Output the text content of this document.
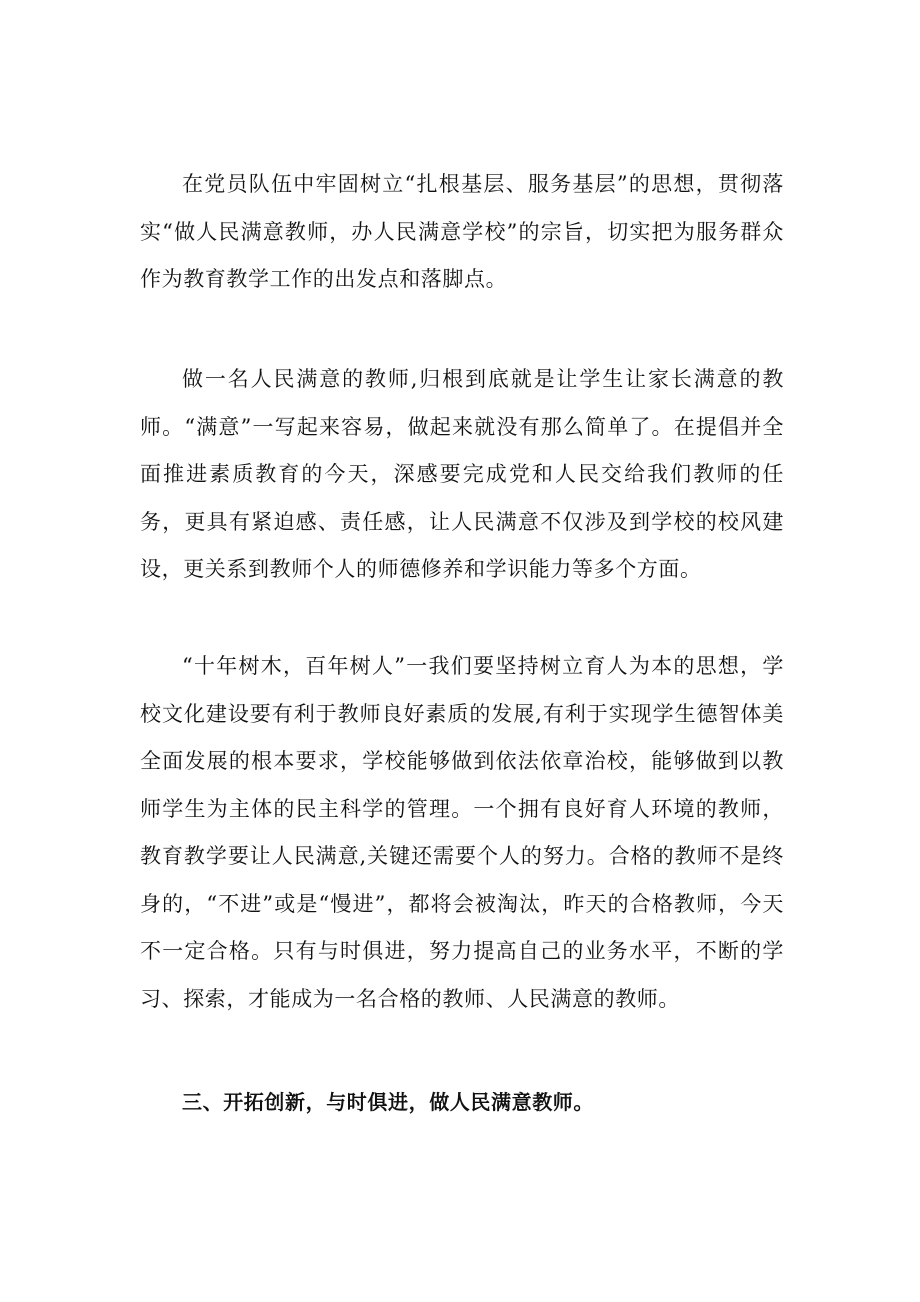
在党员队伍中牢固树立“扎根基层、服务基层”的思想，贯彻落实“做人民满意教师，办人民满意学校”的宗旨，切实把为服务群众作为教育教学工作的出发点和落脚点。

做一名人民满意的教师,归根到底就是让学生让家长满意的教师。“满意”一写起来容易，做起来就没有那么简单了。在提倡并全面推进素质教育的今天，深感要完成党和人民交给我们教师的任务，更具有紧迫感、责任感，让人民满意不仅涉及到学校的校风建设，更关系到教师个人的师德修养和学识能力等多个方面。

“十年树木，百年树人”一我们要坚持树立育人为本的思想，学校文化建设要有利于教师良好素质的发展,有利于实现学生德智体美全面发展的根本要求，学校能够做到依法依章治校，能够做到以教师学生为主体的民主科学的管理。一个拥有良好育人环境的教师，教育教学要让人民满意,关键还需要个人的努力。合格的教师不是终身的，“不进”或是“慢进”，都将会被淘汰，昨天的合格教师，今天不一定合格。只有与时俱进，努力提高自己的业务水平，不断的学习、探索，才能成为一名合格的教师、人民满意的教师。

三、开拓创新，与时俱进，做人民满意教师。
